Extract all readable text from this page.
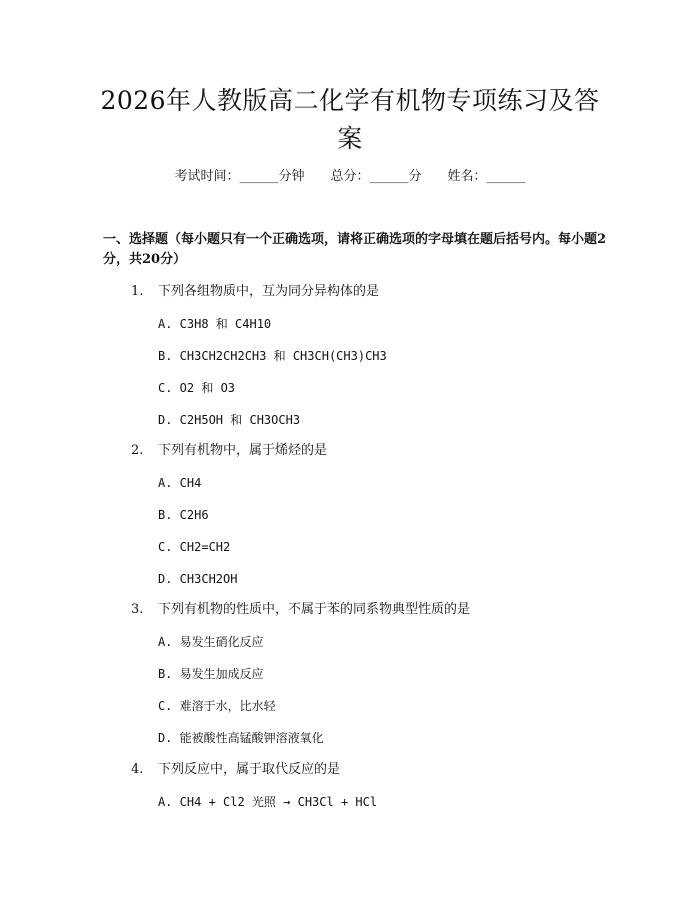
2026年人教版高二化学有机物专项练习及答案
考试时间：______分钟 总分：______分 姓名：______
一、选择题（每小题只有一个正确选项，请将正确选项的字母填在题后括号内。每小题2分，共20分）
1. 下列各组物质中，互为同分异构体的是
A. C3H8 和 C4H10
B. CH3CH2CH2CH3 和 CH3CH(CH3)CH3
C. O2 和 O3
D. C2H5OH 和 CH3OCH3
2. 下列有机物中，属于烯烃的是
A. CH4
B. C2H6
C. CH2=CH2
D. CH3CH2OH
3. 下列有机物的性质中，不属于苯的同系物典型性质的是
A. 易发生硝化反应
B. 易发生加成反应
C. 难溶于水，比水轻
D. 能被酸性高锰酸钾溶液氧化
4. 下列反应中，属于取代反应的是
A. CH4 + Cl2 光照 → CH3Cl + HCl
